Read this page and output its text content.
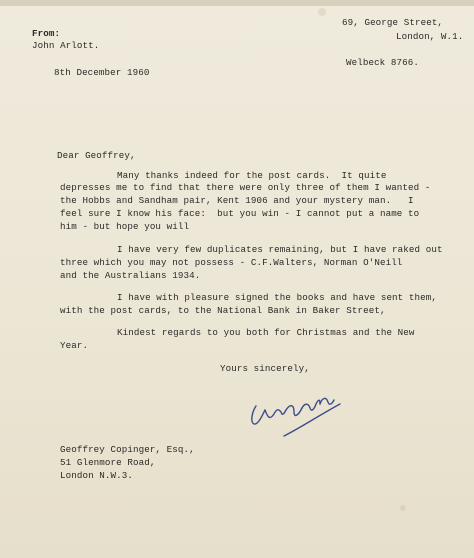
From:
John Arlott.
69, George Street,
London, W.1.
Welbeck 8766.
8th December 1960
Dear Geoffrey,
Many thanks indeed for the post cards.  It quite
depresses me to find that there were only three of them I wanted -
the Hobbs and Sandham pair, Kent 1906 and your mystery man.   I
feel sure I know his face:  but you win - I cannot put a name to
him - but hope you will
I have very few duplicates remaining, but I have raked out
three which you may not possess - C.F.Walters, Norman O'Neill
and the Australians 1934.
I have with pleasure signed the books and have sent them,
with the post cards, to the National Bank in Baker Street,
Kindest regards to you both for Christmas and the New
Year.
Yours sincerely,
Geoffrey Copinger, Esq.,
51 Glenmore Road,
London N.W.3.
